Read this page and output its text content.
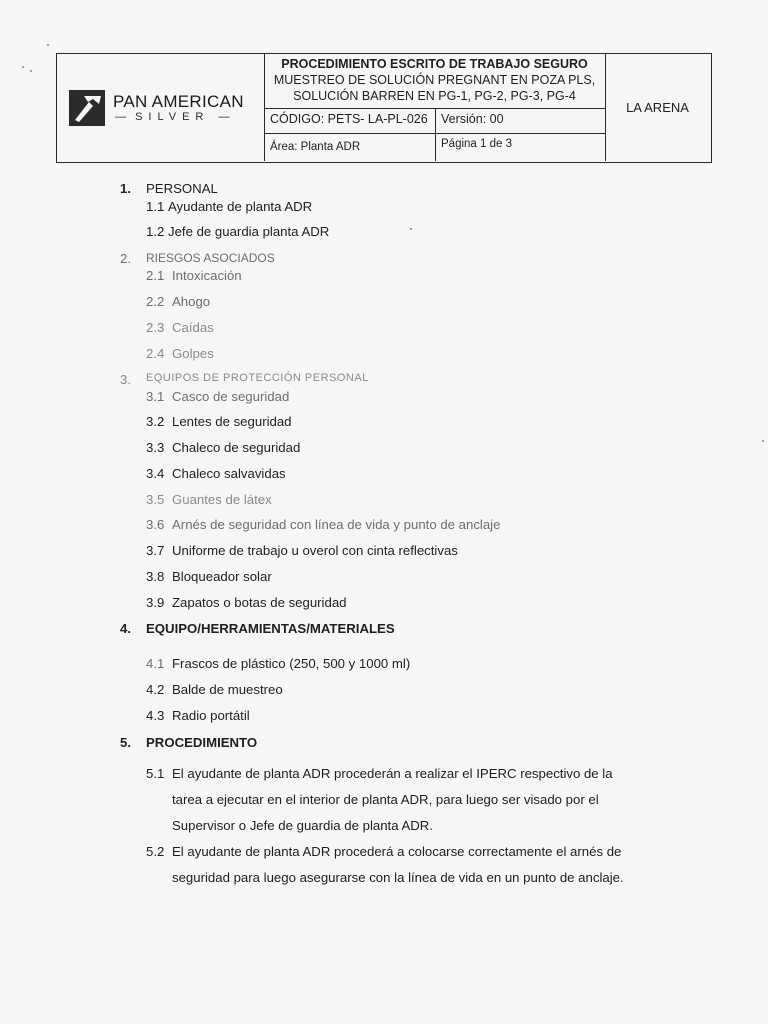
PAN AMERICAN
— SILVER —
PROCEDIMIENTO ESCRITO DE TRABAJO SEGURO
MUESTREO DE SOLUCIÓN PREGNANT EN POZA PLS,
SOLUCIÓN BARREN EN PG-1, PG-2, PG-3, PG-4
CÓDIGO: PETS- LA-PL-026	Versión: 00
Área: Planta ADR	Página 1 de 3
LA ARENA
1. PERSONAL
1.1 Ayudante de planta ADR
1.2 Jefe de guardia planta ADR
2. RIESGOS ASOCIADOS
2.1 Intoxicación
2.2 Ahogo
2.3 Caídas
2.4 Golpes
3. EQUIPOS DE PROTECCIÓN PERSONAL
3.1 Casco de seguridad
3.2 Lentes de seguridad
3.3 Chaleco de seguridad
3.4 Chaleco salvavidas
3.5 Guantes de látex
3.6 Arnés de seguridad con línea de vida y punto de anclaje
3.7 Uniforme de trabajo u overol con cinta reflectivas
3.8 Bloqueador solar
3.9 Zapatos o botas de seguridad
4. EQUIPO/HERRAMIENTAS/MATERIALES
4.1 Frascos de plástico (250, 500 y 1000 ml)
4.2 Balde de muestreo
4.3 Radio portátil
5. PROCEDIMIENTO
5.1 El ayudante de planta ADR procederán a realizar el IPERC respectivo de la
tarea a ejecutar en el interior de planta ADR, para luego ser visado por el
Supervisor o Jefe de guardia de planta ADR.
5.2 El ayudante de planta ADR procederá a colocarse correctamente el arnés de
seguridad para luego asegurarse con la línea de vida en un punto de anclaje.
